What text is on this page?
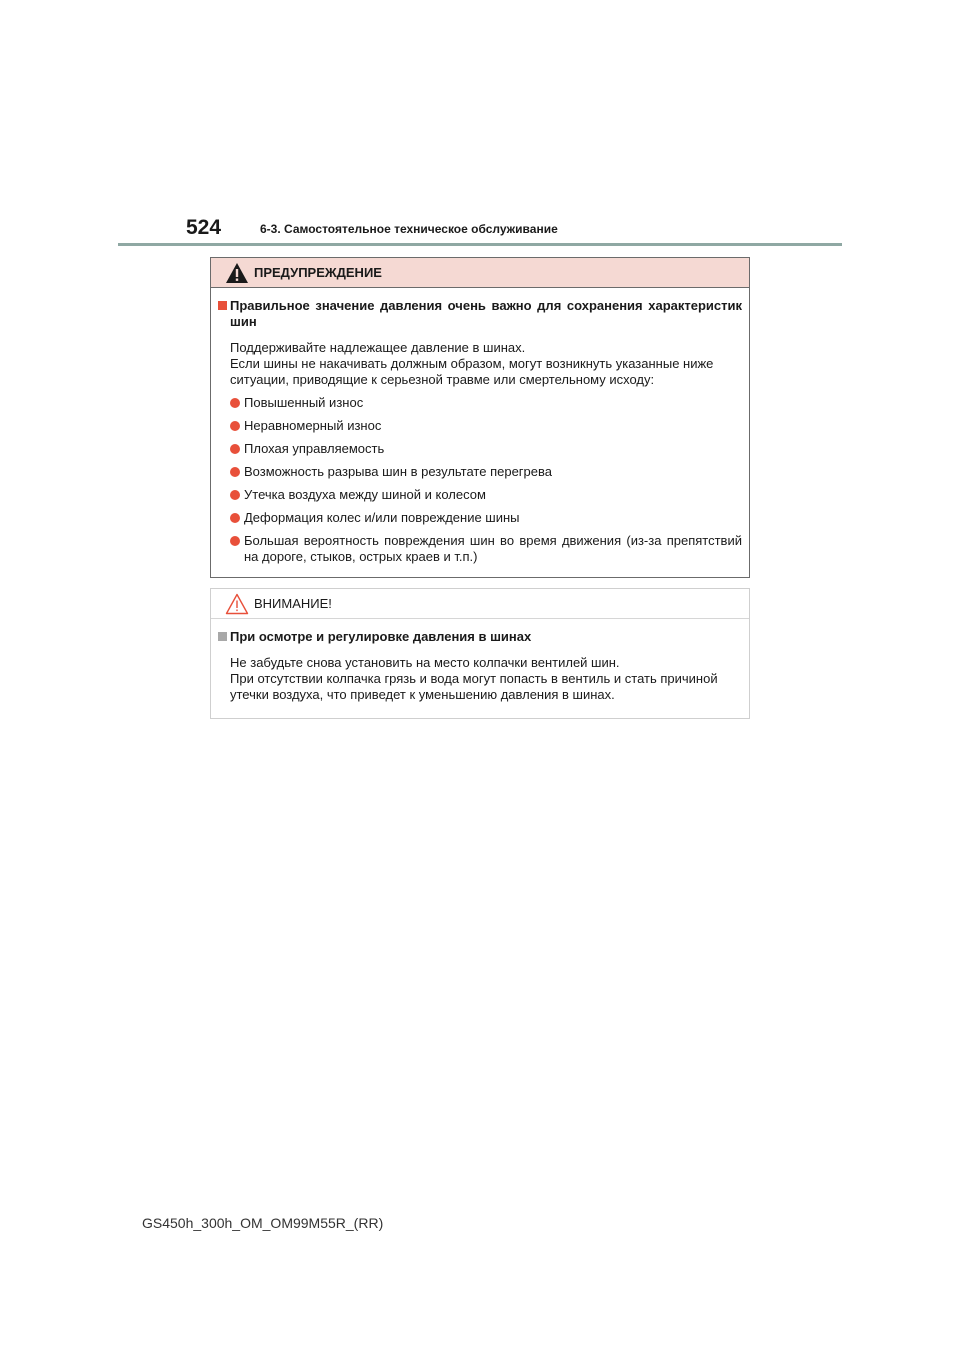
524	6-3. Самостоятельное техническое обслуживание
ПРЕДУПРЕЖДЕНИЕ
Правильное значение давления очень важно для сохранения характеристик шин
Поддерживайте надлежащее давление в шинах.
Если шины не накачивать должным образом, могут возникнуть указанные ниже ситуации, приводящие к серьезной травме или смертельному исходу:
Повышенный износ
Неравномерный износ
Плохая управляемость
Возможность разрыва шин в результате перегрева
Утечка воздуха между шиной и колесом
Деформация колес и/или повреждение шины
Большая вероятность повреждения шин во время движения (из-за препятствий на дороге, стыков, острых краев и т.п.)
ВНИМАНИЕ!
При осмотре и регулировке давления в шинах
Не забудьте снова установить на место колпачки вентилей шин.
При отсутствии колпачка грязь и вода могут попасть в вентиль и стать причиной утечки воздуха, что приведет к уменьшению давления в шинах.
GS450h_300h_OM_OM99M55R_(RR)
